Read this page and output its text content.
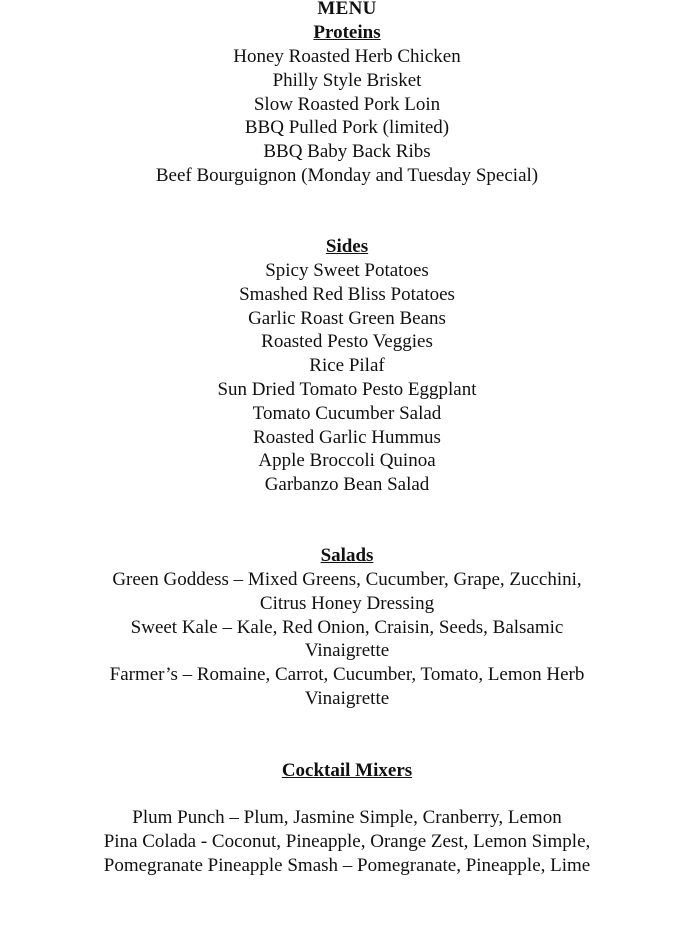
MENU
Proteins
Honey Roasted Herb Chicken
Philly Style Brisket
Slow Roasted Pork Loin
BBQ Pulled Pork (limited)
BBQ Baby Back Ribs
Beef Bourguignon (Monday and Tuesday Special)
Sides
Spicy Sweet Potatoes
Smashed Red Bliss Potatoes
Garlic Roast Green Beans
Roasted Pesto Veggies
Rice Pilaf
Sun Dried Tomato Pesto Eggplant
Tomato Cucumber Salad
Roasted Garlic Hummus
Apple Broccoli Quinoa
Garbanzo Bean Salad
Salads
Green Goddess – Mixed Greens, Cucumber, Grape, Zucchini,
Citrus Honey Dressing
Sweet Kale – Kale, Red Onion, Craisin, Seeds, Balsamic
Vinaigrette
Farmer’s – Romaine, Carrot, Cucumber, Tomato, Lemon Herb
Vinaigrette
Cocktail Mixers
Plum Punch – Plum, Jasmine Simple, Cranberry, Lemon
Pina Colada - Coconut, Pineapple, Orange Zest, Lemon Simple,
Pomegranate Pineapple Smash – Pomegranate, Pineapple, Lime
